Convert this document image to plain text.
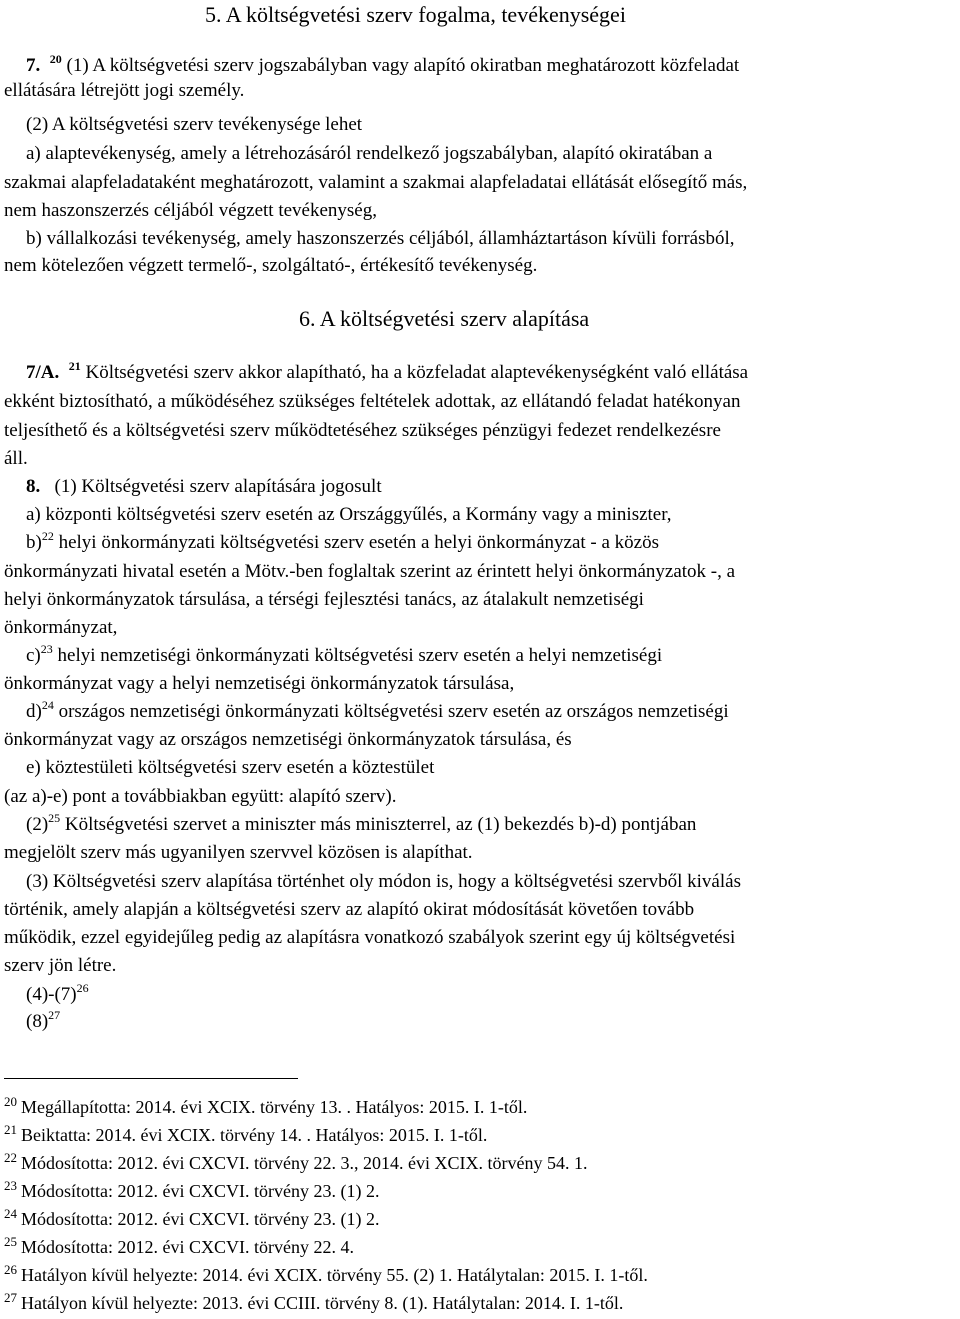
5. A költségvetési szerv fogalma, tevékenységei
7. $^{20}$ (1) A költségvetési szerv jogszabályban vagy alapító okiratban meghatározott közfeladat
ellátására létrejött jogi személy.
(2) A költségvetési szerv tevékenysége lehet
a) alaptevékenység, amely a létrehozásáról rendelkező jogszabályban, alapító okiratában a
szakmai alapfeladataként meghatározott, valamint a szakmai alapfeladatai ellátását elősegítő más,
nem haszonszerzés céljából végzett tevékenység,
b) vállalkozási tevékenység, amely haszonszerzés céljából, államháztartáson kívüli forrásból,
nem kötelezően végzett termelő-, szolgáltató-, értékesítő tevékenység.
6. A költségvetési szerv alapítása
7/A. $^{21}$ Költségvetési szerv akkor alapítható, ha a közfeladat alaptevékenységként való ellátása
ekként biztosítható, a működéséhez szükséges feltételek adottak, az ellátandó feladat hatékonyan
teljesíthető és a költségvetési szerv működtetéséhez szükséges pénzügyi fedezet rendelkezésre
áll.
8. (1) Költségvetési szerv alapítására jogosult
a) központi költségvetési szerv esetén az Országgyűlés, a Kormány vagy a miniszter,
b)$^{22}$ helyi önkormányzati költségvetési szerv esetén a helyi önkormányzat - a közös
önkormányzati hivatal esetén a Mötv.-ben foglaltak szerint az érintett helyi önkormányzatok -, a
helyi önkormányzatok társulása, a térségi fejlesztési tanács, az átalakult nemzetiségi
önkormányzat,
c)$^{23}$ helyi nemzetiségi önkormányzati költségvetési szerv esetén a helyi nemzetiségi
önkormányzat vagy a helyi nemzetiségi önkormányzatok társulása,
d)$^{24}$ országos nemzetiségi önkormányzati költségvetési szerv esetén az országos nemzetiségi
önkormányzat vagy az országos nemzetiségi önkormányzatok társulása, és
e) köztestületi költségvetési szerv esetén a köztestület
(az a)-e) pont a továbbiakban együtt: alapító szerv).
$(2)^{25}$ Költségvetési szervet a miniszter más miniszterrel, az (1) bekezdés b)-d) pontjában
megjelölt szerv más ugyanilyen szervvel közösen is alapíthat.
(3) Költségvetési szerv alapítása történhet oly módon is, hogy a költségvetési szervből kiválás
történik, amely alapján a költségvetési szerv az alapító okirat módosítását követően tovább
működik, ezzel egyidejűleg pedig az alapításra vonatkozó szabályok szerint egy új költségvetési
szerv jön létre.
$(4)-(7)^{26}$
$(8)^{27}$
$^{20}$ Megállapította: 2014. évi XCIX. törvény 13. . Hatályos: 2015. I. 1-től.
$^{21}$ Beiktatta: 2014. évi XCIX. törvény 14. . Hatályos: 2015. I. 1-től.
$^{22}$ Módosította: 2012. évi CXCVI. törvény 22. 3., 2014. évi XCIX. törvény 54. 1.
$^{23}$ Módosította: 2012. évi CXCVI. törvény 23. (1) 2.
$^{24}$ Módosította: 2012. évi CXCVI. törvény 23. (1) 2.
$^{25}$ Módosította: 2012. évi CXCVI. törvény 22. 4.
$^{26}$ Hatályon kívül helyezte: 2014. évi XCIX. törvény 55. (2) 1. Hatálytalan: 2015. I. 1-től.
$^{27}$ Hatályon kívül helyezte: 2013. évi CCIII. törvény 8. (1). Hatálytalan: 2014. I. 1-től.
